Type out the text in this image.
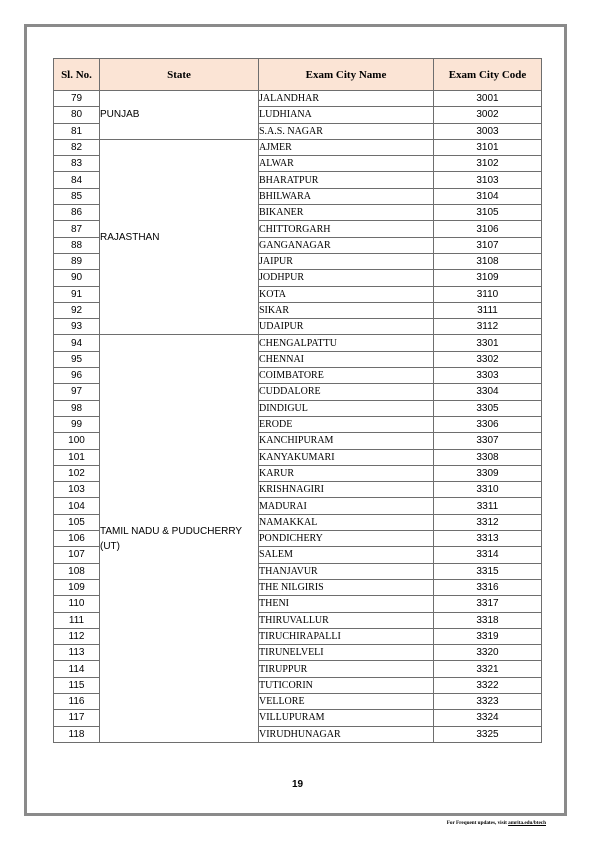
Sl. No.	State	Exam City Name	Exam City Code
79	PUNJAB	JALANDHAR	3001
80		LUDHIANA	3002
81		S.A.S. NAGAR	3003
82	RAJASTHAN	AJMER	3101
83		ALWAR	3102
84		BHARATPUR	3103
85		BHILWARA	3104
86		BIKANER	3105
87		CHITTORGARH	3106
88		GANGANAGAR	3107
89		JAIPUR	3108
90		JODHPUR	3109
91		KOTA	3110
92		SIKAR	3111
93		UDAIPUR	3112
94	TAMIL NADU & PUDUCHERRY (UT)	CHENGALPATTU	3301
95		CHENNAI	3302
96		COIMBATORE	3303
97		CUDDALORE	3304
98		DINDIGUL	3305
99		ERODE	3306
100		KANCHIPURAM	3307
101		KANYAKUMARI	3308
102		KARUR	3309
103		KRISHNAGIRI	3310
104		MADURAI	3311
105		NAMAKKAL	3312
106		PONDICHERY	3313
107		SALEM	3314
108		THANJAVUR	3315
109		THE NILGIRIS	3316
110		THENI	3317
111		THIRUVALLUR	3318
112		TIRUCHIRAPALLI	3319
113		TIRUNELVELI	3320
114		TIRUPPUR	3321
115		TUTICORIN	3322
116		VELLORE	3323
117		VILLUPURAM	3324
118		VIRUDHUNAGAR	3325
19
For Frequent updates, visit amrita.edu/btech
